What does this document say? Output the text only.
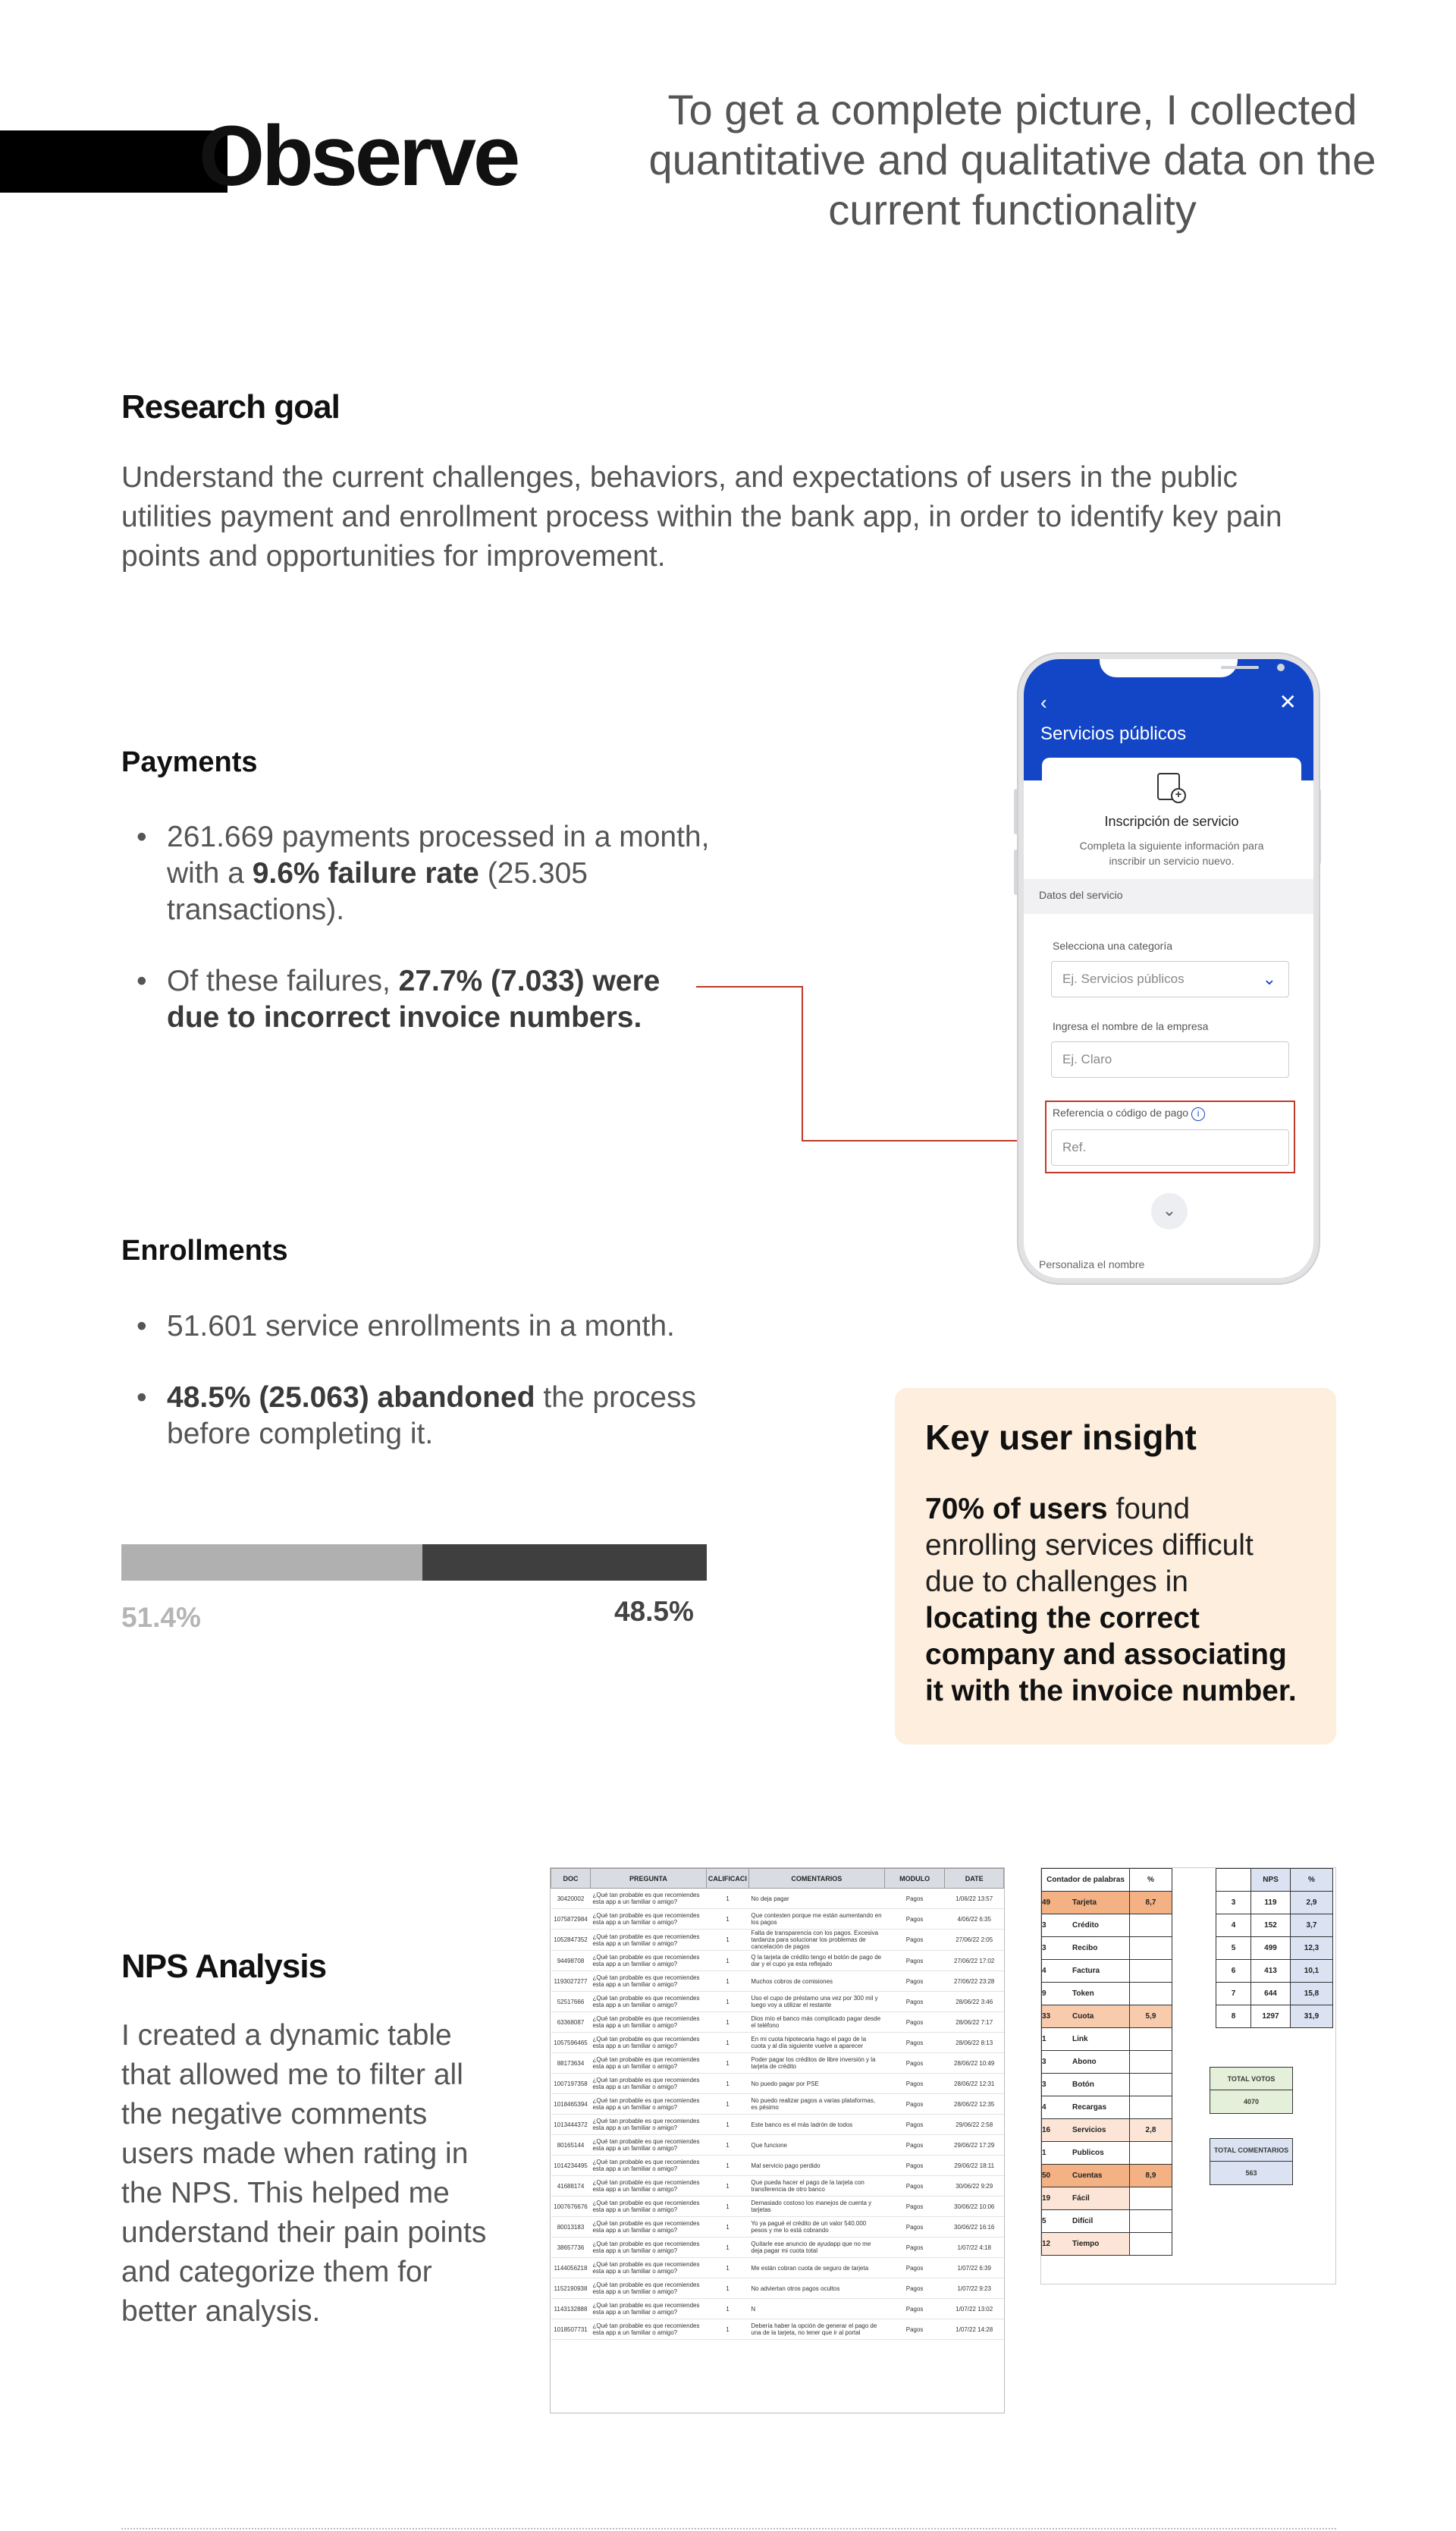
Observe	To get a complete picture, I collected quantitative and qualitative data on the current functionality
Research goal
Understand the current challenges, behaviors, and expectations of users in the public utilities payment and enrollment process within the bank app, in order to identify key pain points and opportunities for improvement.
Payments
• 261.669 payments processed in a month, with a 9.6% failure rate (25.305 transactions).
• Of these failures, 27.7% (7.033) were due to incorrect invoice numbers.
‹	✕
Servicios públicos
+
Inscripción de servicio
Completa la siguiente información para inscribir un servicio nuevo.
Datos del servicio
Selecciona una categoría
Ej. Servicios públicos	⌄
Ingresa el nombre de la empresa
Ej. Claro
Referencia o código de pago i
Ref.
⌄
Personaliza el nombre
Enrollments
• 51.601 service enrollments in a month.
• 48.5% (25.063) abandoned the process before completing it.
51.4%	48.5%
Key user insight

70% of users found enrolling services difficult due to challenges in locating the correct company and associating it with the invoice number.

NPS Analysis
I created a dynamic table that allowed me to filter all the negative comments users made when rating in the NPS. This helped me understand their pain points and categorize them for better analysis.
DOC	PREGUNTA	CALIFICACI	COMENTARIOS	MODULO	DATE
30420002	¿Qué tan probable es que recomiendes esta app a un familiar o amigo?	1	No deja pagar	Pagos	1/06/22 13:57
1075872984	¿Qué tan probable es que recomiendes esta app a un familiar o amigo?	1	Que contesten porque me están aumentando en los pagos	Pagos	4/06/22 6:35
1052847352	¿Qué tan probable es que recomiendes esta app a un familiar o amigo?	1	Falta de transparencia con los pagos. Excesiva tardanza para solucionar los problemas de cancelación de pagos	Pagos	27/06/22 2:05
94498708	¿Qué tan probable es que recomiendes esta app a un familiar o amigo?	1	Q la tarjeta de crédito tengo el botón de pago de dar y el cupo ya esta reflejado	Pagos	27/06/22 17:02
1193027277	¿Qué tan probable es que recomiendes esta app a un familiar o amigo?	1	Muchos cobros de comisiones	Pagos	27/06/22 23:28
52517666	¿Qué tan probable es que recomiendes esta app a un familiar o amigo?	1	Uso el cupo de préstamo una vez por 300 mil y luego voy a utilizar el restante	Pagos	28/06/22 3:46
63368087	¿Qué tan probable es que recomiendes esta app a un familiar o amigo?	1	Dios mío el banco más complicado pagar desde el teléfono	Pagos	28/06/22 7:17
1057596465	¿Qué tan probable es que recomiendes esta app a un familiar o amigo?	1	En mi cuota hipotecaria hago el pago de la cuota y al día siguiente vuelve a aparecer	Pagos	28/06/22 8:13
88173634	¿Qué tan probable es que recomiendes esta app a un familiar o amigo?	1	Poder pagar los créditos de libre inversión y la tarjeta de crédito	Pagos	28/06/22 10:49
1007197358	¿Qué tan probable es que recomiendes esta app a un familiar o amigo?	1	No puedo pagar por PSE	Pagos	28/06/22 12:31
1018465394	¿Qué tan probable es que recomiendes esta app a un familiar o amigo?	1	No puedo realizar pagos a varias plataformas, es pésimo	Pagos	28/06/22 12:35
1013444372	¿Qué tan probable es que recomiendes esta app a un familiar o amigo?	1	Este banco es el más ladrón de todos	Pagos	29/06/22 2:58
80165144	¿Qué tan probable es que recomiendes esta app a un familiar o amigo?	1	Que funcione	Pagos	29/06/22 17:29
1014234495	¿Qué tan probable es que recomiendes esta app a un familiar o amigo?	1	Mal servicio pago perdido	Pagos	29/06/22 18:11
41688174	¿Qué tan probable es que recomiendes esta app a un familiar o amigo?	1	Que pueda hacer el pago de la tarjeta con transferencia de otro banco	Pagos	30/06/22 9:29
1007676676	¿Qué tan probable es que recomiendes esta app a un familiar o amigo?	1	Demasiado costoso los manejos de cuenta y tarjetas	Pagos	30/06/22 10:06
80013183	¿Qué tan probable es que recomiendes esta app a un familiar o amigo?	1	Yo ya pagué el crédito de un valor 540.000 pesos y me lo está cobrando	Pagos	30/06/22 16:16
38657736	¿Qué tan probable es que recomiendes esta app a un familiar o amigo?	1	Quítarle ese anuncio de ayudapp que no me deja pagar mi cuota total	Pagos	1/07/22 4:18
1144056218	¿Qué tan probable es que recomiendes esta app a un familiar o amigo?	1	Me están cobran cuota de seguro de tarjeta	Pagos	1/07/22 6:39
1152190938	¿Qué tan probable es que recomiendes esta app a un familiar o amigo?	1	No adviertan otros pagos ocultos	Pagos	1/07/22 9:23
1143132888	¿Qué tan probable es que recomiendes esta app a un familiar o amigo?	1	N	Pagos	1/07/22 13:02
1018507731	¿Qué tan probable es que recomiendes esta app a un familiar o amigo?	1	Debería haber la opción de generar el pago de una de la tarjeta, no tener que ir al portal	Pagos	1/07/22 14:28
Contador de palabras	%
49 Tarjeta	8,7
3 Crédito	
3 Recibo	
4 Factura	
9 Token	
33 Cuota	5,9
1 Link	
3 Abono	
3 Botón	
4 Recargas	
16 Servicios	2,8
1 Publicos	
50 Cuentas	8,9
19 Fácil	
5 Difícil	
12 Tiempo	
	NPS	%
3	119	2,9
4	152	3,7
5	499	12,3
6	413	10,1
7	644	15,8
8	1297	31,9
TOTAL VOTOS
4070
TOTAL COMENTARIOS
563
